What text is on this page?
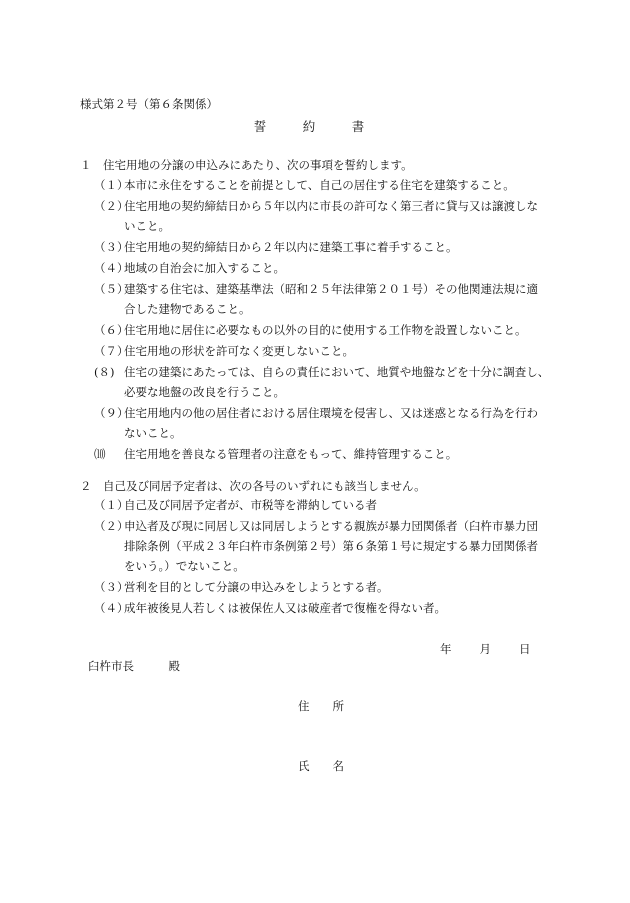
様式第２号（第６条関係）
誓　約　書
１ 住宅用地の分譲の申込みにあたり、次の事項を誓約します。
（１）
本市に永住をすることを前提として、自己の居住する住宅を建築すること。
（２）
住宅用地の契約締結日から５年以内に市長の許可なく第三者に貸与又は譲渡しな
いこと。
（３）
住宅用地の契約締結日から２年以内に建築工事に着手すること。
（４）
地域の自治会に加入すること。
（５）
建築する住宅は、建築基準法（昭和２５年法律第２０１号）その他関連法規に適
合した建物であること。
（６）
住宅用地に居住に必要なもの以外の目的に使用する工作物を設置しないこと。
（７）
住宅用地の形状を許可なく変更しないこと。
(８) 住宅の建築にあたっては、自らの責任において、地質や地盤などを十分に調査し、
必要な地盤の改良を行うこと。
（９）
住宅用地内の他の居住者における居住環境を侵害し、又は迷惑となる行為を行わ
ないこと。
⑽ 住宅用地を善良なる管理者の注意をもって、維持管理すること。
２ 自己及び同居予定者は、次の各号のいずれにも該当しません。
（１）
自己及び同居予定者が、市税等を滞納している者
（２）
申込者及び現に同居し又は同居しようとする親族が暴力団関係者（臼杵市暴力団
排除条例（平成２３年臼杵市条例第２号）第６条第１号に規定する暴力団関係者
をいう。）でないこと。
（３）
営利を目的として分譲の申込みをしようとする者。
（４）
成年被後見人若しくは被保佐人又は破産者で復権を得ない者。
年 月 日
臼杵市長　　　殿
住　　所
氏　　名
